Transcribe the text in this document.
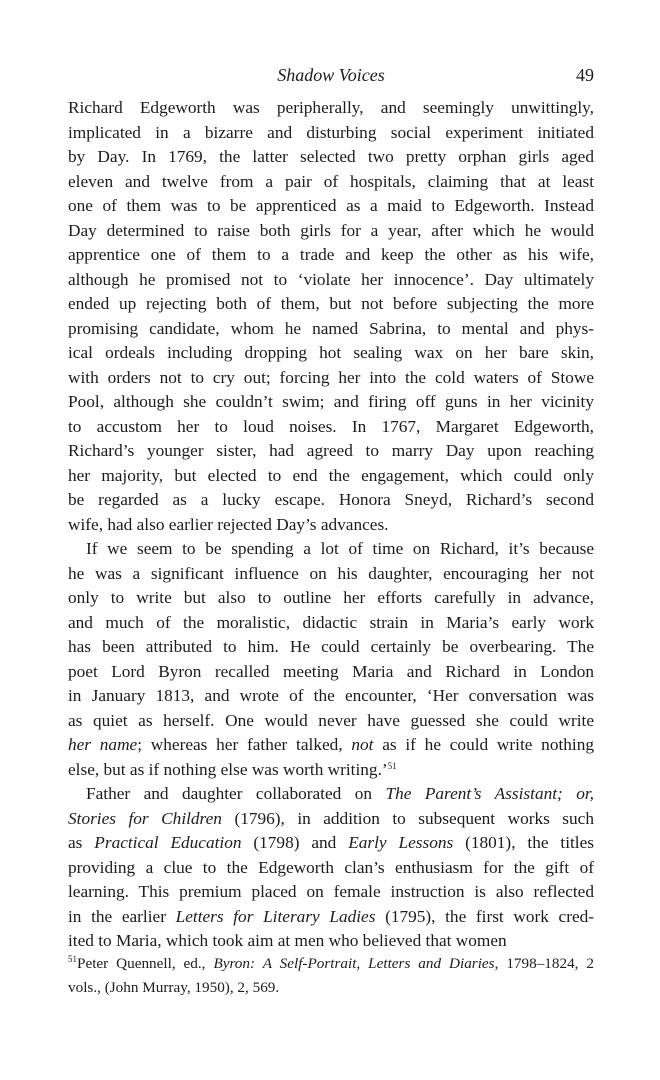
Shadow Voices	49
Richard Edgeworth was peripherally, and seemingly unwittingly,
implicated in a bizarre and disturbing social experiment initiated
by Day. In 1769, the latter selected two pretty orphan girls aged
eleven and twelve from a pair of hospitals, claiming that at least
one of them was to be apprenticed as a maid to Edgeworth. Instead
Day determined to raise both girls for a year, after which he would
apprentice one of them to a trade and keep the other as his wife,
although he promised not to ‘violate her innocence’. Day ultimately
ended up rejecting both of them, but not before subjecting the more
promising candidate, whom he named Sabrina, to mental and phys-
ical ordeals including dropping hot sealing wax on her bare skin,
with orders not to cry out; forcing her into the cold waters of Stowe
Pool, although she couldn’t swim; and firing off guns in her vicinity
to accustom her to loud noises. In 1767, Margaret Edgeworth,
Richard’s younger sister, had agreed to marry Day upon reaching
her majority, but elected to end the engagement, which could only
be regarded as a lucky escape. Honora Sneyd, Richard’s second
wife, had also earlier rejected Day’s advances.
If we seem to be spending a lot of time on Richard, it’s because
he was a significant influence on his daughter, encouraging her not
only to write but also to outline her efforts carefully in advance,
and much of the moralistic, didactic strain in Maria’s early work
has been attributed to him. He could certainly be overbearing. The
poet Lord Byron recalled meeting Maria and Richard in London
in January 1813, and wrote of the encounter, ‘Her conversation was
as quiet as herself. One would never have guessed she could write
her name; whereas her father talked, not as if he could write nothing
else, but as if nothing else was worth writing.’$^{51}$
Father and daughter collaborated on The Parent’s Assistant; or,
Stories for Children (1796), in addition to subsequent works such
as Practical Education (1798) and Early Lessons (1801), the titles
providing a clue to the Edgeworth clan’s enthusiasm for the gift of
learning. This premium placed on female instruction is also reflected
in the earlier Letters for Literary Ladies (1795), the first work cred-
ited to Maria, which took aim at men who believed that women
$^{51}$Peter Quennell, ed., Byron: A Self-Portrait, Letters and Diaries, 1798–1824, 2
vols., (John Murray, 1950), 2, 569.
